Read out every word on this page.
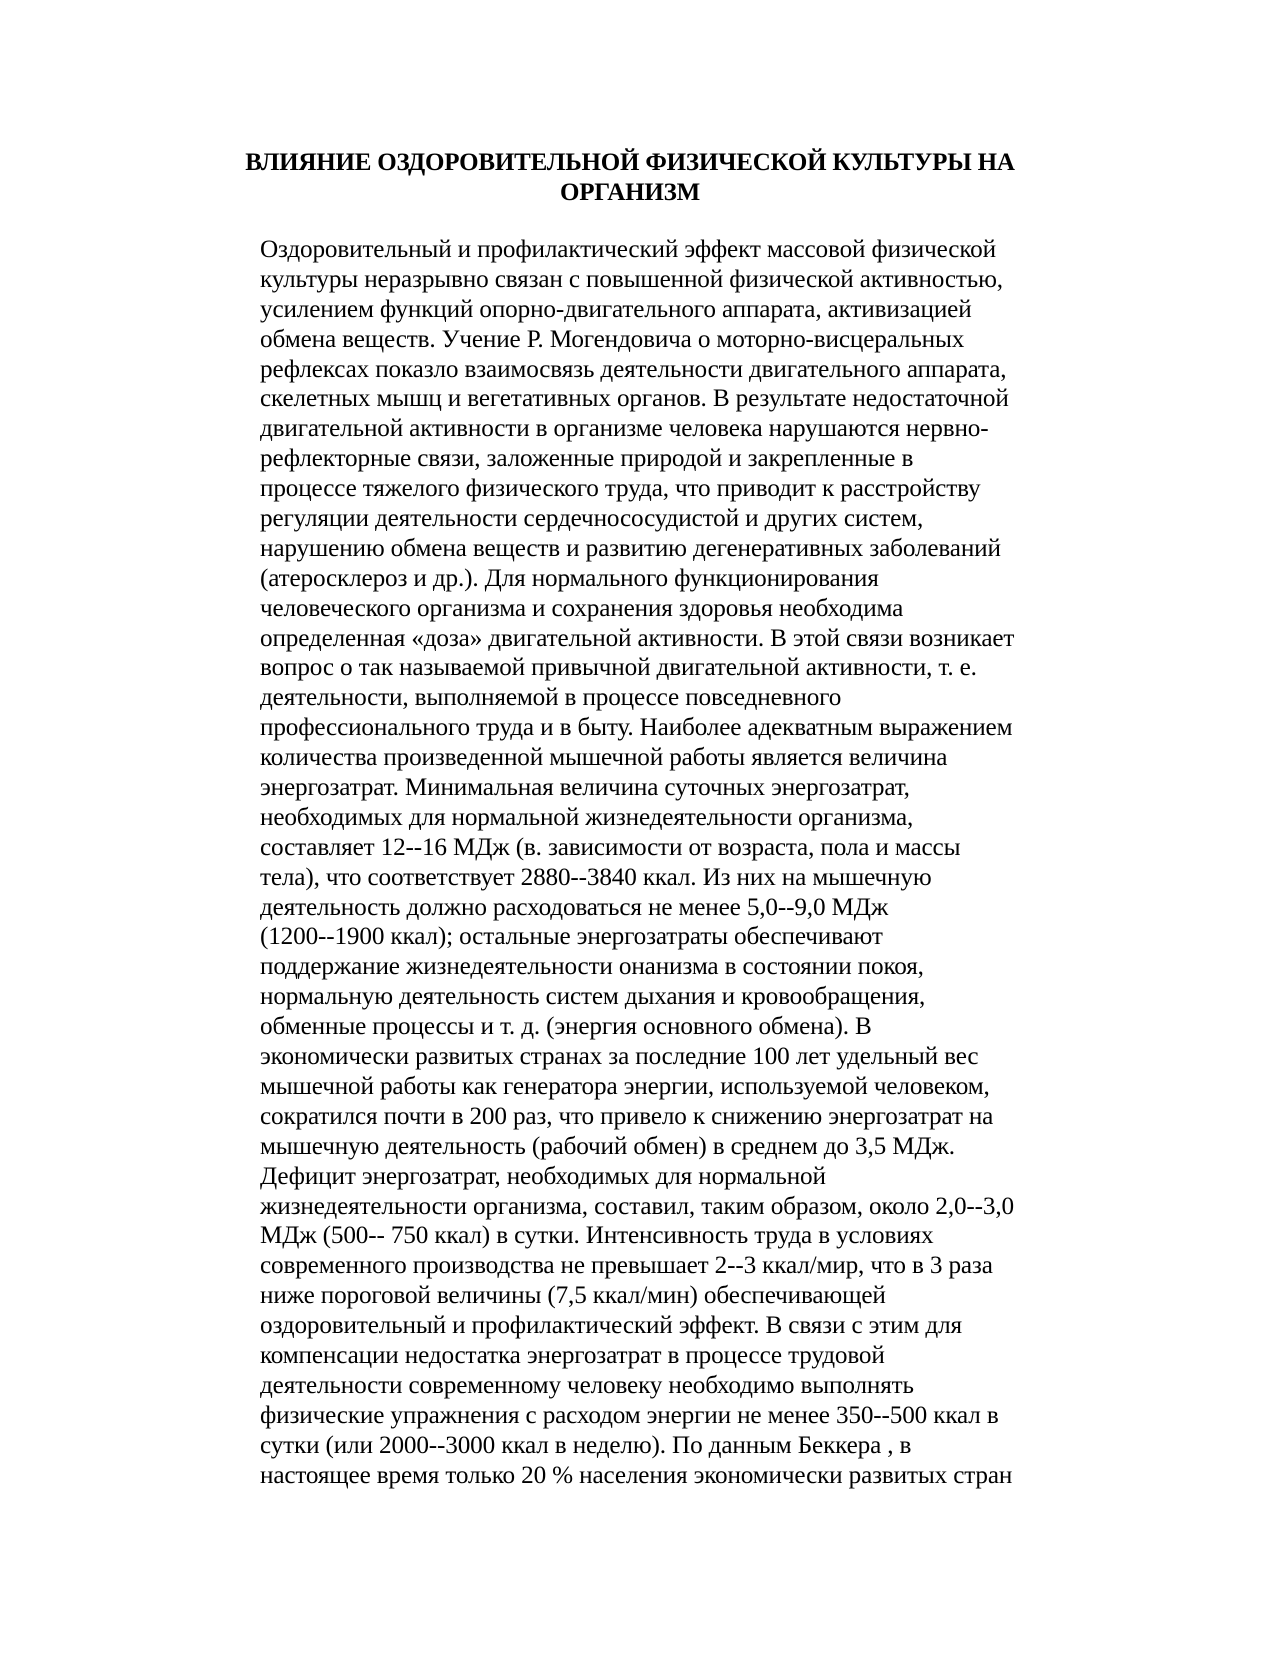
ВЛИЯНИЕ ОЗДОРОВИТЕЛЬНОЙ ФИЗИЧЕСКОЙ КУЛЬТУРЫ НА
ОРГАНИЗМ
Оздоровительный и профилактический эффект массовой физической
культуры неразрывно связан с повышенной физической активностью,
усилением функций опорно-двигательного аппарата, активизацией
обмена веществ. Учение Р. Могендовича о моторно-висцеральных
рефлексах показло взаимосвязь деятельности двигательного аппарата,
скелетных мышц и вегетативных органов. В результате недостаточной
двигательной активности в организме человека нарушаются нервно-
рефлекторные связи, заложенные природой и закрепленные в
процессе тяжелого физического труда, что приводит к расстройству
регуляции деятельности сердечнососудистой и других систем,
нарушению обмена веществ и развитию дегенеративных заболеваний
(атеросклероз и др.). Для нормального функционирования
человеческого организма и сохранения здоровья необходима
определенная «доза» двигательной активности. В этой связи возникает
вопрос о так называемой привычной двигательной активности, т. е.
деятельности, выполняемой в процессе повседневного
профессионального труда и в быту. Наиболее адекватным выражением
количества произведенной мышечной работы является величина
энергозатрат. Минимальная величина суточных энергозатрат,
необходимых для нормальной жизнедеятельности организма,
составляет 12--16 МДж (в. зависимости от возраста, пола и массы
тела), что соответствует 2880--3840 ккал. Из них на мышечную
деятельность должно расходоваться не менее 5,0--9,0 МДж
(1200--1900 ккал); остальные энергозатраты обеспечивают
поддержание жизнедеятельности онанизма в состоянии покоя,
нормальную деятельность систем дыхания и кровообращения,
обменные процессы и т. д. (энергия основного обмена). В
экономически развитых странах за последние 100 лет удельный вес
мышечной работы как генератора энергии, используемой человеком,
сократился почти в 200 раз, что привело к снижению энергозатрат на
мышечную деятельность (рабочий обмен) в среднем до 3,5 МДж.
Дефицит энергозатрат, необходимых для нормальной
жизнедеятельности организма, составил, таким образом, около 2,0--3,0
МДж (500-- 750 ккал) в сутки. Интенсивность труда в условиях
современного производства не превышает 2--3 ккал/мир, что в 3 раза
ниже пороговой величины (7,5 ккал/мин) обеспечивающей
оздоровительный и профилактический эффект. В связи с этим для
компенсации недостатка энергозатрат в процессе трудовой
деятельности современному человеку необходимо выполнять
физические упражнения с расходом энергии не менее 350--500 ккал в
сутки (или 2000--3000 ккал в неделю). По данным Беккера , в
настоящее время только 20 % населения экономически развитых стран
